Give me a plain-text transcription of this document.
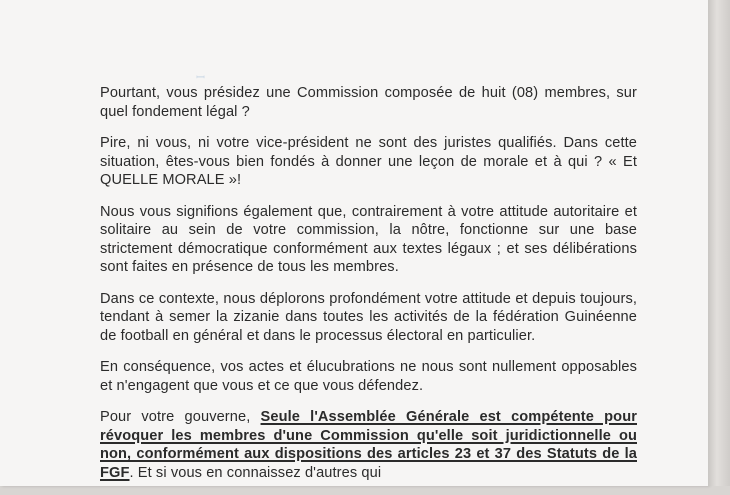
ꟷ

Pourtant, vous présidez une Commission composée de huit (08) membres, sur quel fondement légal ?

Pire, ni vous, ni votre vice-président ne sont des juristes qualifiés. Dans cette situation, êtes-vous bien fondés à donner une leçon de morale et à qui ? « Et QUELLE MORALE »!

Nous vous signifions également que, contrairement à votre attitude autoritaire et solitaire au sein de votre commission, la nôtre, fonctionne sur une base strictement démocratique conformément aux textes légaux ; et ses délibérations sont faites en présence de tous les membres.

Dans ce contexte, nous déplorons profondément votre attitude et depuis toujours, tendant à semer la zizanie dans toutes les activités de la fédération Guinéenne de football en général et dans le processus électoral en particulier.

En conséquence, vos actes et élucubrations ne nous sont nullement opposables et n'engagent que vous et ce que vous défendez.

Pour votre gouverne, Seule l'Assemblée Générale est compétente pour révoquer les membres d'une Commission qu'elle soit juridictionnelle ou non, conformément aux dispositions des articles 23 et 37 des Statuts de la FGF. Et si vous en connaissez d'autres qui
